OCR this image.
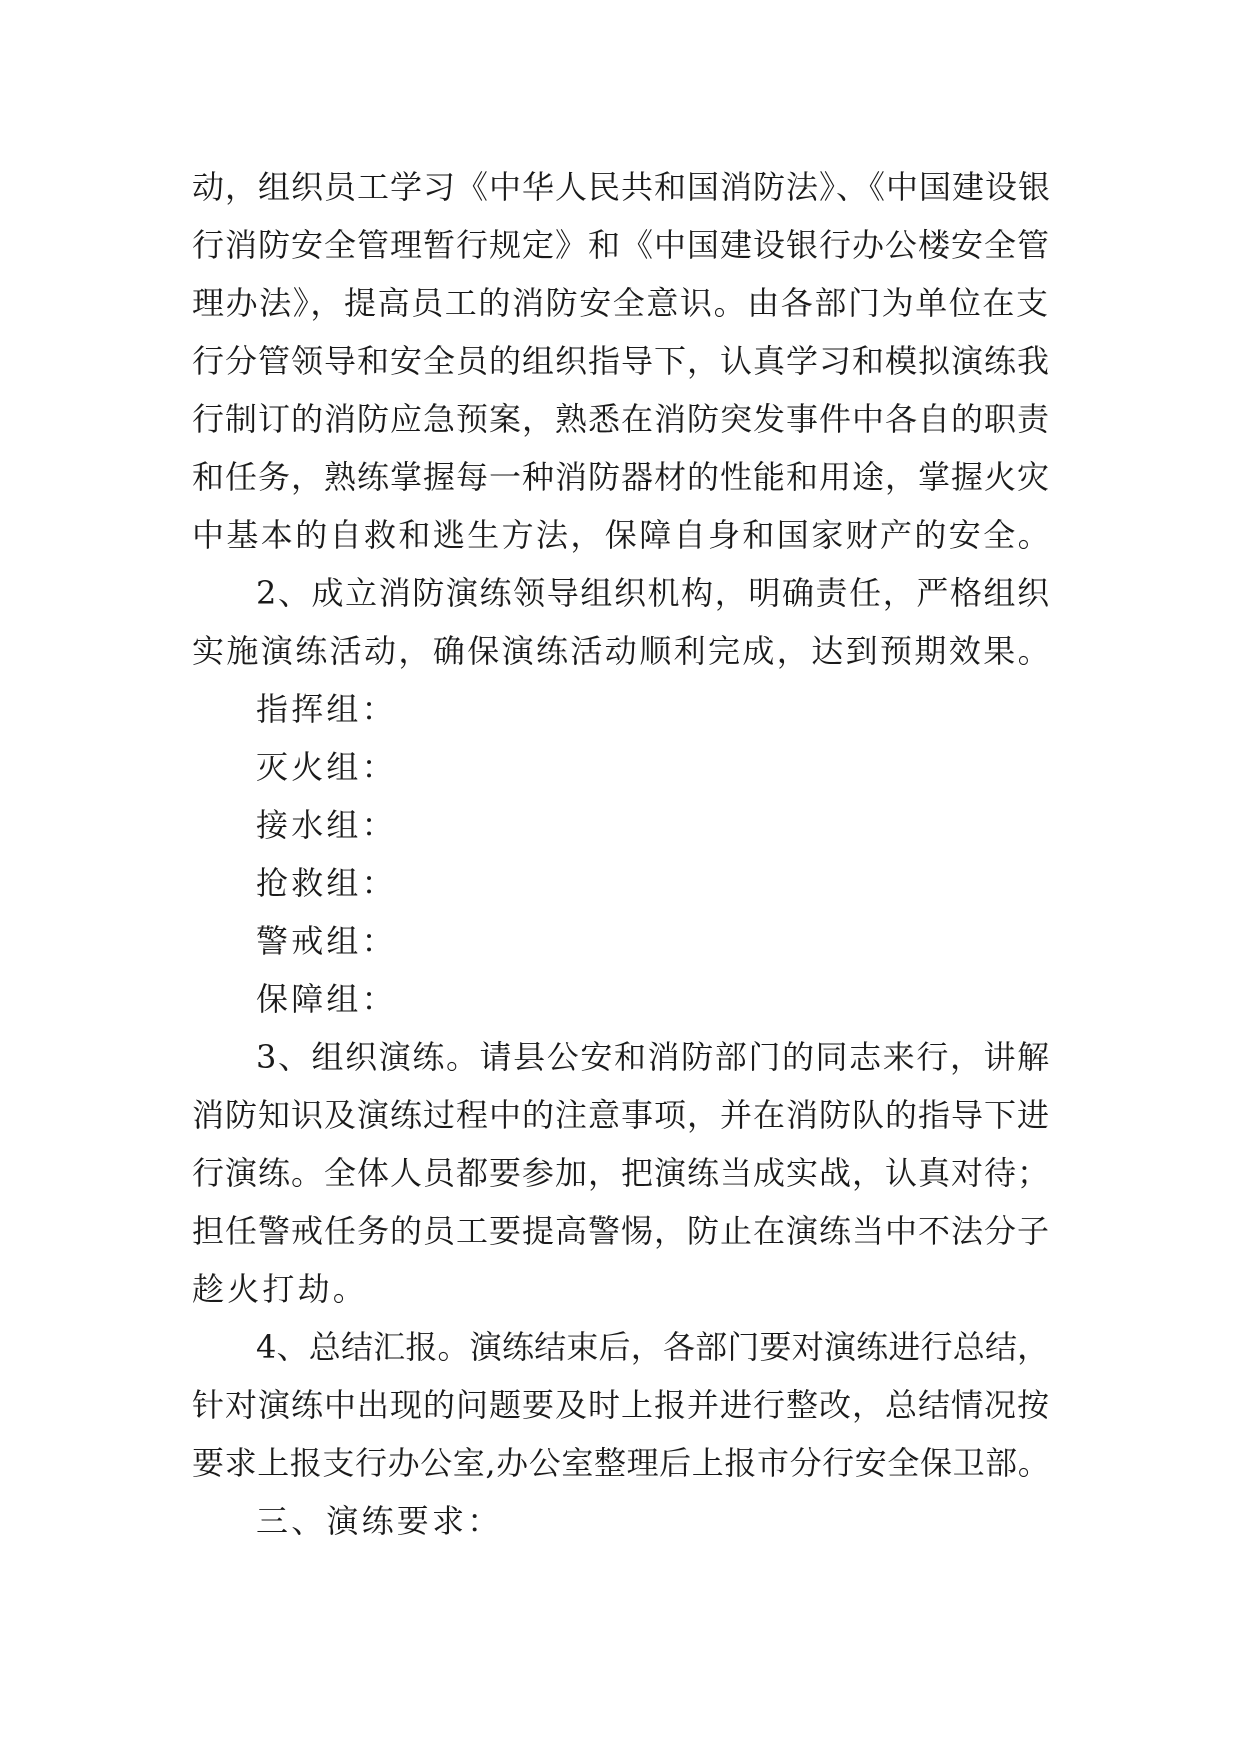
动，组织员工学习《中华人民共和国消防法》、《中国建设银

行消防安全管理暂行规定》和《中国建设银行办公楼安全管

理办法》，提高员工的消防安全意识。由各部门为单位在支

行分管领导和安全员的组织指导下，认真学习和模拟演练我

行制订的消防应急预案，熟悉在消防突发事件中各自的职责

和任务，熟练掌握每一种消防器材的性能和用途，掌握火灾

中基本的自救和逃生方法，保障自身和国家财产的安全。

2、成立消防演练领导组织机构，明确责任，严格组织

实施演练活动，确保演练活动顺利完成，达到预期效果。

指挥组：

灭火组：

接水组：

抢救组：

警戒组：

保障组：

3、组织演练。请县公安和消防部门的同志来行，讲解

消防知识及演练过程中的注意事项，并在消防队的指导下进

行演练。全体人员都要参加，把演练当成实战，认真对待；

担任警戒任务的员工要提高警惕，防止在演练当中不法分子

趁火打劫。

4、总结汇报。演练结束后，各部门要对演练进行总结，

针对演练中出现的问题要及时上报并进行整改，总结情况按

要求上报支行办公室,办公室整理后上报市分行安全保卫部。

三、演练要求：
